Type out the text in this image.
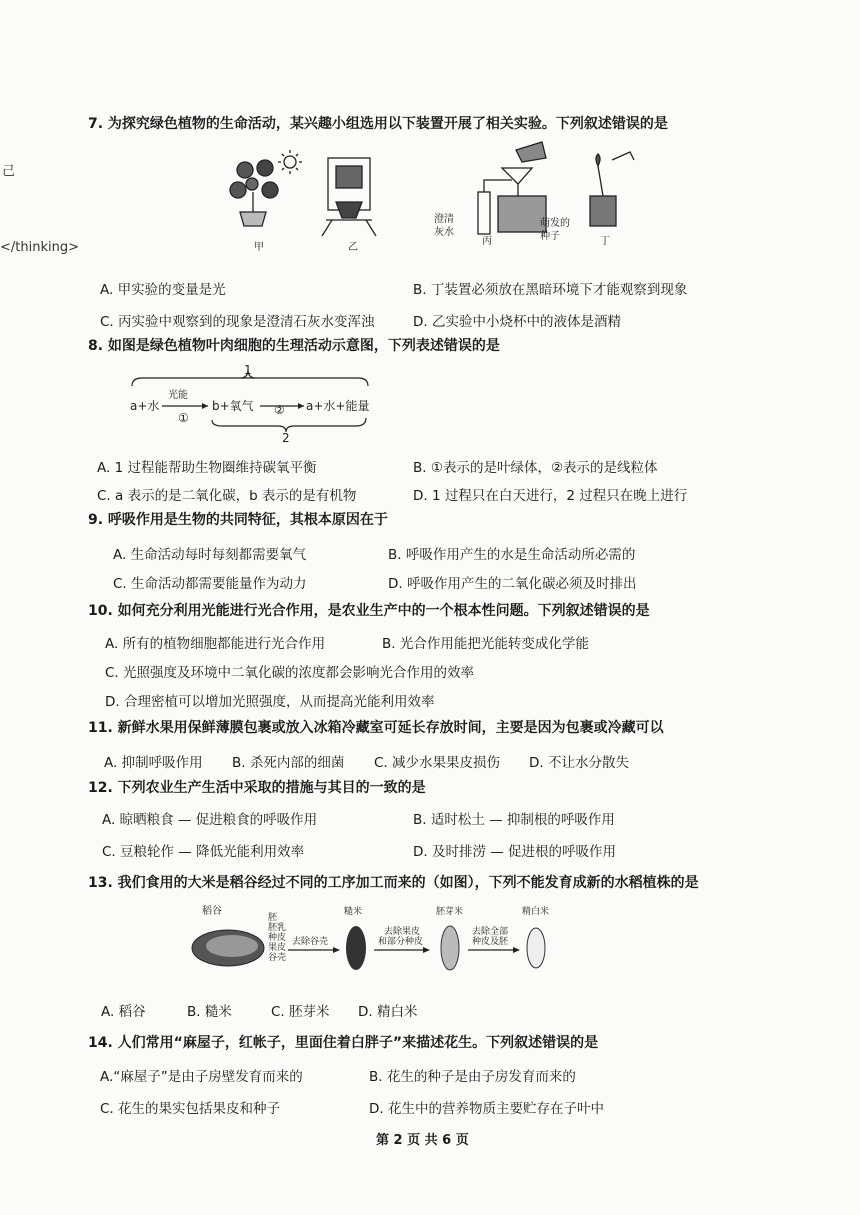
己
</thinking>
7. 为探究绿色植物的生命活动，某兴趣小组选用以下装置开展了相关实验。下列叙述错误的是
甲	乙
澄清
灰水
丙
萌发的
种子	丁
A. 甲实验的变量是光	B. 丁装置必须放在黑暗环境下才能观察到现象
C. 丙实验中观察到的现象是澄清石灰水变浑浊	D. 乙实验中小烧杯中的液体是酒精
8. 如图是绿色植物叶肉细胞的生理活动示意图，下列表述错误的是
1
a+水
光能
①
b+氧气 ② a+水+能量
2
A. 1 过程能帮助生物圈维持碳氧平衡	B. ①表示的是叶绿体，②表示的是线粒体
C. a 表示的是二氧化碳，b 表示的是有机物	D. 1 过程只在白天进行，2 过程只在晚上进行
9. 呼吸作用是生物的共同特征，其根本原因在于
A. 生命活动每时每刻都需要氧气	B. 呼吸作用产生的水是生命活动所必需的
C. 生命活动都需要能量作为动力	D. 呼吸作用产生的二氧化碳必须及时排出
10. 如何充分利用光能进行光合作用，是农业生产中的一个根本性问题。下列叙述错误的是
A. 所有的植物细胞都能进行光合作用	B. 光合作用能把光能转变成化学能
C. 光照强度及环境中二氧化碳的浓度都会影响光合作用的效率
D. 合理密植可以增加光照强度，从而提高光能利用效率
11. 新鲜水果用保鲜薄膜包裹或放入冰箱冷藏室可延长存放时间，主要是因为包裹或冷藏可以
A. 抑制呼吸作用 B. 杀死内部的细菌 C. 减少水果果皮损伤 D. 不让水分散失
12. 下列农业生产生活中采取的措施与其目的一致的是
A. 晾晒粮食 — 促进粮食的呼吸作用	B. 适时松土 — 抑制根的呼吸作用
C. 豆粮轮作 — 降低光能利用效率	D. 及时排涝 — 促进根的呼吸作用
13. 我们食用的大米是稻谷经过不同的工序加工而来的（如图），下列不能发育成新的水稻植株的是
稻谷
胚
胚乳
种皮
果皮
谷壳
去除谷壳
糙米
去除果皮
和部分种皮
胚芽米
去除全部
种皮及胚
精白米
A. 稻谷	B. 糙米	C. 胚芽米 D. 精白米
14. 人们常用“麻屋子，红帐子，里面住着白胖子”来描述花生。下列叙述错误的是
A.“麻屋子”是由子房壁发育而来的	B. 花生的种子是由子房发育而来的
C. 花生的果实包括果皮和种子	D. 花生中的营养物质主要贮存在子叶中
第 2 页 共 6 页
